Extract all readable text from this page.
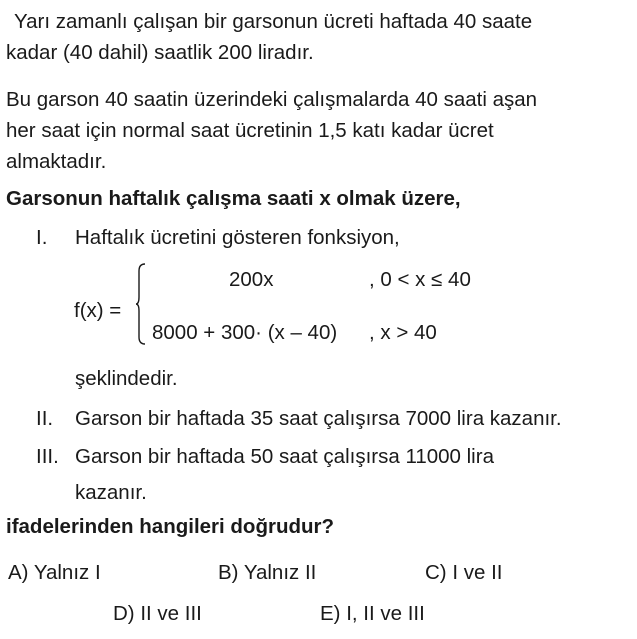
Yarı zamanlı çalışan bir garsonun ücreti haftada 40 saate
kadar (40 dahil) saatlik 200 liradır.
Bu garson 40 saatin üzerindeki çalışmalarda 40 saati aşan
her saat için normal saat ücretinin 1,5 katı kadar ücret
almaktadır.
Garsonun haftalık çalışma saati x olmak üzere,
I. Haftalık ücretini gösteren fonksiyon,
f(x) =
200x	, 0 < x ≤ 40
8000 + 300· (x – 40) , x > 40
şeklindedir.
II. Garson bir haftada 35 saat çalışırsa 7000 lira kazanır.
III. Garson bir haftada 50 saat çalışırsa 11000 lira
kazanır.
ifadelerinden hangileri doğrudur?
A) Yalnız I	B) Yalnız II	C) I ve II
D) II ve III	E) I, II ve III
